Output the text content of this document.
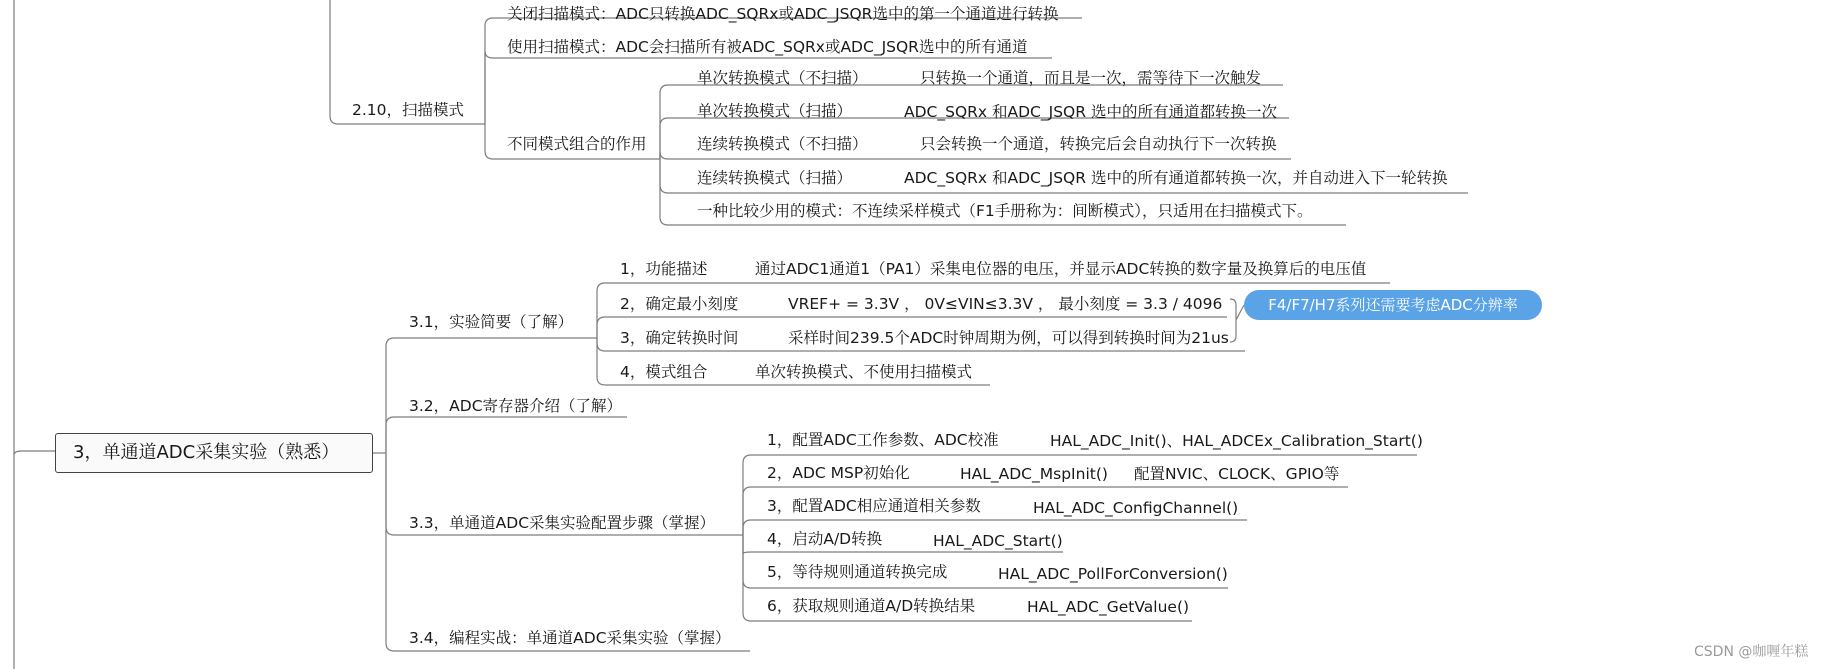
3，单通道ADC采集实验（熟悉）
2.10，扫描模式
关闭扫描模式：ADC只转换ADC_SQRx或ADC_JSQR选中的第一个通道进行转换
使用扫描模式：ADC会扫描所有被ADC_SQRx或ADC_JSQR选中的所有通道
不同模式组合的作用
单次转换模式（不扫描）	只转换一个通道，而且是一次，需等待下一次触发
单次转换模式（扫描）	ADC_SQRx 和ADC_JSQR 选中的所有通道都转换一次
连续转换模式（不扫描）	只会转换一个通道，转换完后会自动执行下一次转换
连续转换模式（扫描）	ADC_SQRx 和ADC_JSQR 选中的所有通道都转换一次，并自动进入下一轮转换
一种比较少用的模式：不连续采样模式（F1手册称为：间断模式），只适用在扫描模式下。
3.1，实验简要（了解）
1，功能描述	通过ADC1通道1（PA1）采集电位器的电压，并显示ADC转换的数字量及换算后的电压值
2，确定最小刻度	VREF+ = 3.3V ， 0V≤VIN≤3.3V ， 最小刻度 = 3.3 / 4096
3，确定转换时间	采样时间239.5个ADC时钟周期为例，可以得到转换时间为21us
4，模式组合	单次转换模式、不使用扫描模式
F4/F7/H7系列还需要考虑ADC分辨率
3.2，ADC寄存器介绍（了解）
3.3，单通道ADC采集实验配置步骤（掌握）
1，配置ADC工作参数、ADC校准	HAL_ADC_Init()、HAL_ADCEx_Calibration_Start()
2，ADC MSP初始化	HAL_ADC_MspInit() 配置NVIC、CLOCK、GPIO等
3，配置ADC相应通道相关参数	HAL_ADC_ConfigChannel()
4，启动A/D转换	HAL_ADC_Start()
5，等待规则通道转换完成	HAL_ADC_PollForConversion()
6，获取规则通道A/D转换结果	HAL_ADC_GetValue()
3.4，编程实战：单通道ADC采集实验（掌握）
CSDN @咖喱年糕
